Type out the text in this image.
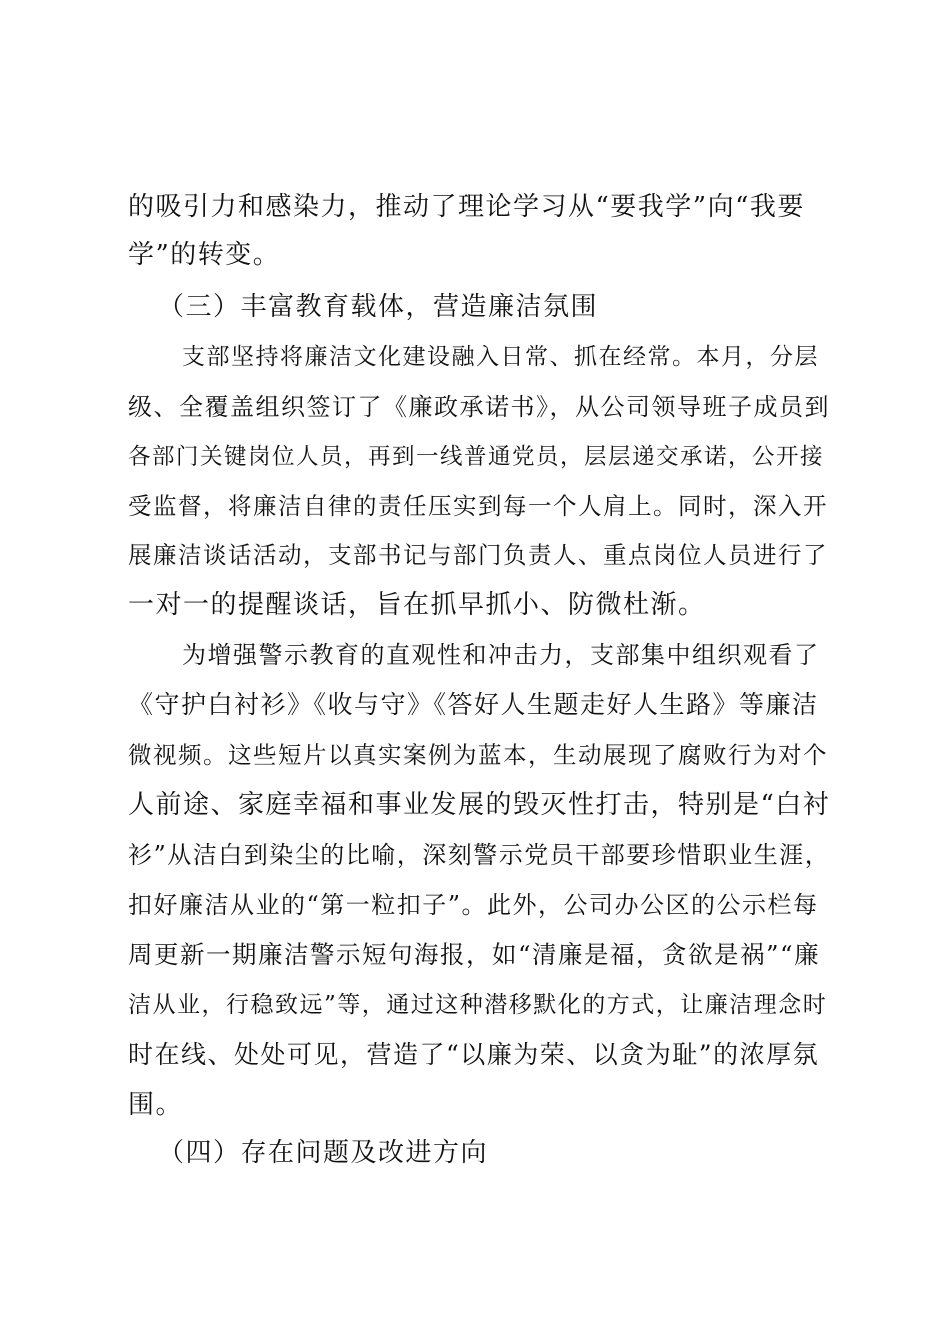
的吸引力和感染力，推动了理论学习从“要我学”向“我要
学”的转变。
（三）丰富教育载体，营造廉洁氛围
支部坚持将廉洁文化建设融入日常、抓在经常。本月，分层
级、全覆盖组织签订了《廉政承诺书》，从公司领导班子成员到
各部门关键岗位人员，再到一线普通党员，层层递交承诺，公开接
受监督，将廉洁自律的责任压实到每一个人肩上。同时，深入开
展廉洁谈话活动，支部书记与部门负责人、重点岗位人员进行了
一对一的提醒谈话，旨在抓早抓小、防微杜渐。
为增强警示教育的直观性和冲击力，支部集中组织观看了
《守护白衬衫》《收与守》《答好人生题走好人生路》等廉洁
微视频。这些短片以真实案例为蓝本，生动展现了腐败行为对个
人前途、家庭幸福和事业发展的毁灭性打击，特别是“白衬
衫”从洁白到染尘的比喻，深刻警示党员干部要珍惜职业生涯，
扣好廉洁从业的“第一粒扣子”。此外，公司办公区的公示栏每
周更新一期廉洁警示短句海报，如“清廉是福，贪欲是祸”“廉
洁从业，行稳致远”等，通过这种潜移默化的方式，让廉洁理念时
时在线、处处可见，营造了“以廉为荣、以贪为耻”的浓厚氛
围。
（四）存在问题及改进方向
